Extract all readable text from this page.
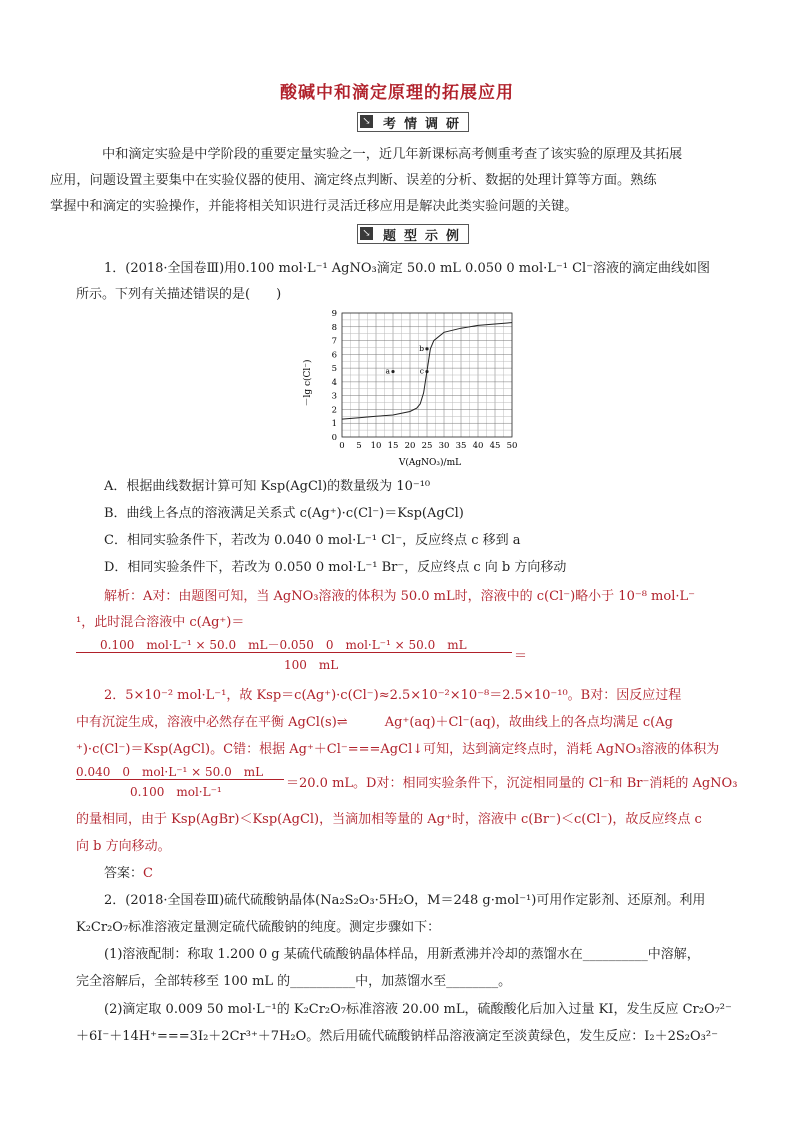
酸碱中和滴定原理的拓展应用
↘ 考情调研
中和滴定实验是中学阶段的重要定量实验之一，近几年新课标高考侧重考查了该实验的原理及其拓展
应用，问题设置主要集中在实验仪器的使用、滴定终点判断、误差的分析、数据的处理计算等方面。熟练
掌握中和滴定的实验操作，并能将相关知识进行灵活迁移应用是解决此类实验问题的关键。
↘ 题型示例
1．(2018·全国卷Ⅲ)用0.100 mol·L⁻¹ AgNO₃滴定 50.0 mL 0.050 0 mol·L⁻¹ Cl⁻溶液的滴定曲线如图
所示。下列有关描述错误的是(　　)
a
b
c
0 5 10 15 20 25 30 35 40 45 50
0
1
2
3
4
5
6
7
8
9
－lg c(Cl⁻)
V(AgNO₃)/mL
A．根据曲线数据计算可知 Ksp(AgCl)的数量级为 10⁻¹⁰
B．曲线上各点的溶液满足关系式 c(Ag⁺)·c(Cl⁻)＝Ksp(AgCl)
C．相同实验条件下，若改为 0.040 0 mol·L⁻¹ Cl⁻，反应终点 c 移到 a
D．相同实验条件下，若改为 0.050 0 mol·L⁻¹ Br⁻，反应终点 c 向 b 方向移动
解析：A对：由题图可知，当 AgNO₃溶液的体积为 50.0 mL时，溶液中的 c(Cl⁻)略小于 10⁻⁸ mol·L⁻
¹，此时混合溶液中 c(Ag⁺)＝
0.100　mol·L⁻¹ × 50.0　mL－0.050　0　mol·L⁻¹ × 50.0　mL
100　mL
＝
2．5×10⁻² mol·L⁻¹，故 Ksp＝c(Ag⁺)·c(Cl⁻)≈2.5×10⁻²×10⁻⁸＝2.5×10⁻¹⁰。B对：因反应过程
中有沉淀生成，溶液中必然存在平衡 AgCl(s)⇌	Ag⁺(aq)＋Cl⁻(aq)，故曲线上的各点均满足 c(Ag
⁺)·c(Cl⁻)＝Ksp(AgCl)。C错：根据 Ag⁺＋Cl⁻===AgCl↓可知，达到滴定终点时，消耗 AgNO₃溶液的体积为
0.040　0　mol·L⁻¹ × 50.0　mL
0.100　mol·L⁻¹
＝20.0 mL。D对：相同实验条件下，沉淀相同量的 Cl⁻和 Br⁻消耗的 AgNO₃
的量相同，由于 Ksp(AgBr)＜Ksp(AgCl)，当滴加相等量的 Ag⁺时，溶液中 c(Br⁻)＜c(Cl⁻)，故反应终点 c
向 b 方向移动。
答案：C
2．(2018·全国卷Ⅲ)硫代硫酸钠晶体(Na₂S₂O₃·5H₂O，M＝248 g·mol⁻¹)可用作定影剂、还原剂。利用
K₂Cr₂O₇标准溶液定量测定硫代硫酸钠的纯度。测定步骤如下：
(1)溶液配制：称取 1.200 0 g 某硫代硫酸钠晶体样品，用新煮沸并冷却的蒸馏水在__________中溶解，
完全溶解后，全部转移至 100 mL 的__________中，加蒸馏水至________。
(2)滴定取 0.009 50 mol·L⁻¹的 K₂Cr₂O₇标准溶液 20.00 mL，硫酸酸化后加入过量 KI，发生反应 Cr₂O₇²⁻
＋6I⁻＋14H⁺===3I₂＋2Cr³⁺＋7H₂O。然后用硫代硫酸钠样品溶液滴定至淡黄绿色，发生反应：I₂＋2S₂O₃²⁻
